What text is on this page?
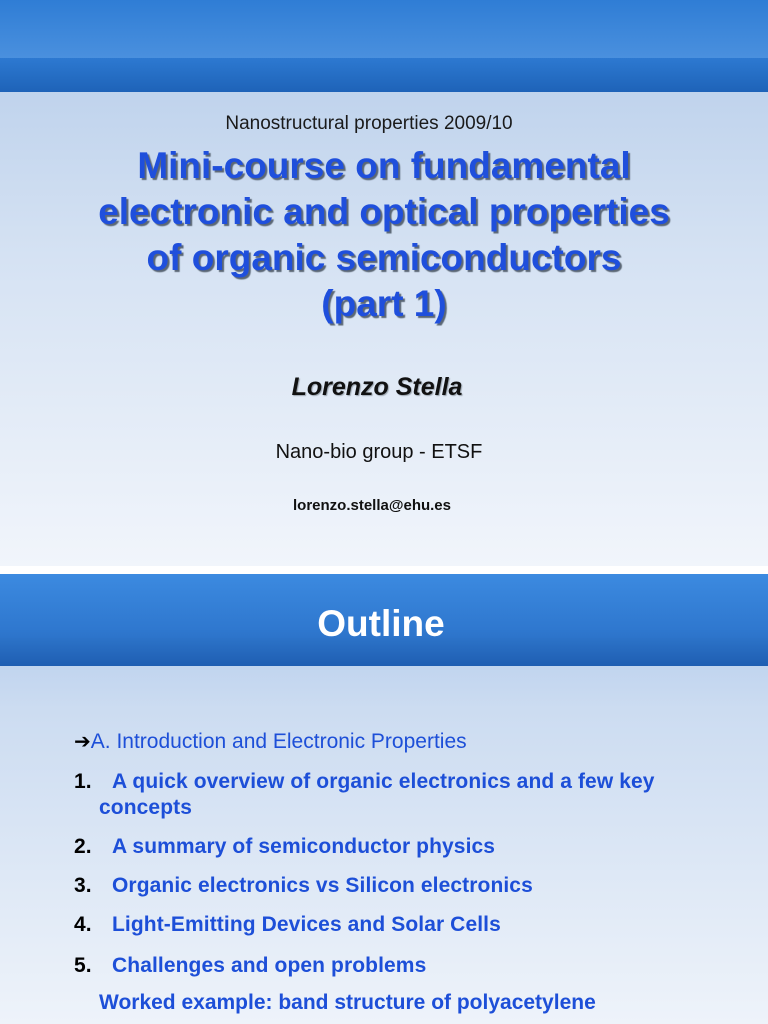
Nanostructural properties 2009/10
Mini-course on fundamental
electronic and optical properties
of organic semiconductors
(part 1)
Lorenzo Stella
Nano-bio group - ETSF
lorenzo.stella@ehu.es
Outline
➔A. Introduction and Electronic Properties
1. A quick overview of organic electronics and a few key
concepts
2. A summary of semiconductor physics
3. Organic electronics vs Silicon electronics
4. Light-Emitting Devices and Solar Cells
5. Challenges and open problems
Worked example: band structure of polyacetylene
